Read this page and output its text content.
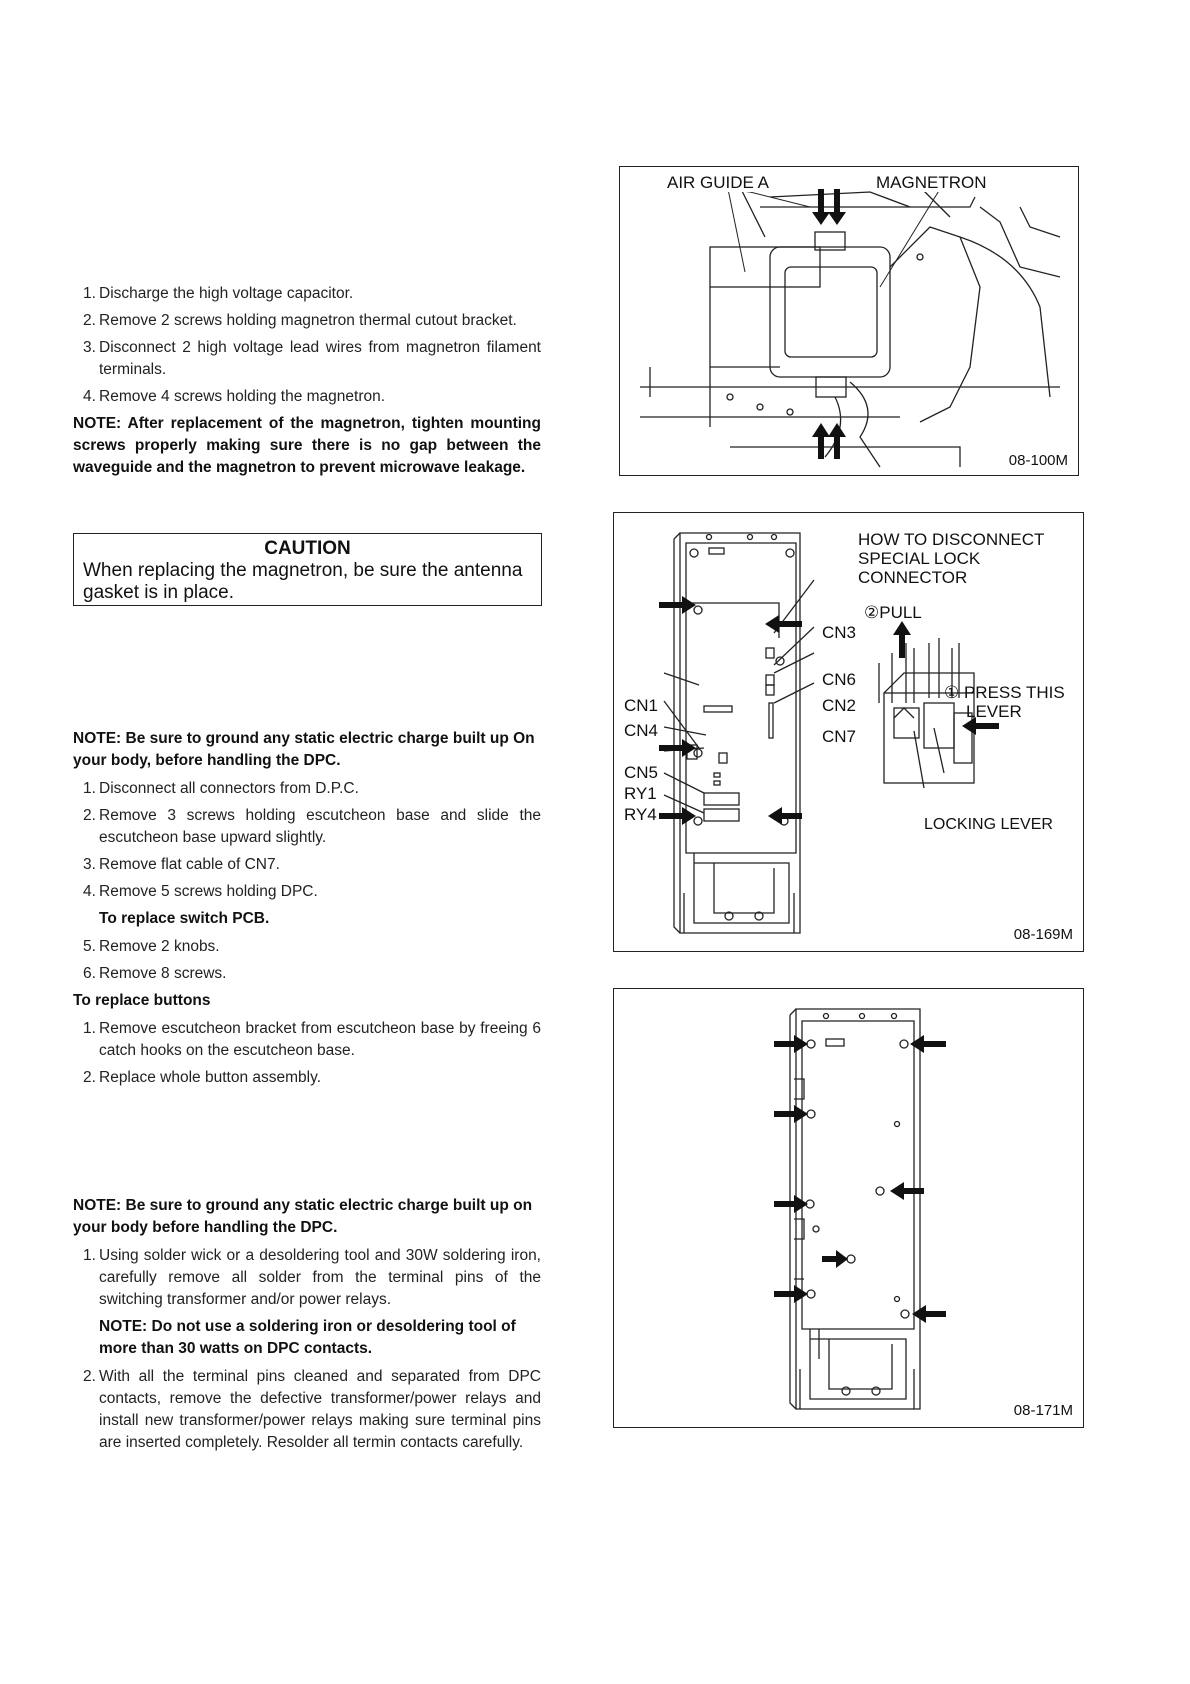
1. Discharge the high voltage capacitor.
2. Remove 2 screws holding magnetron thermal cutout bracket.
3. Disconnect 2 high voltage lead wires from magnetron filament terminals.
4. Remove 4 screws holding the magnetron.
NOTE: After replacement of the magnetron, tighten mounting screws properly making sure there is no gap between the waveguide and the magnetron to prevent microwave leakage.
CAUTION
When replacing the magnetron, be sure the antenna gasket is in place.
NOTE: Be sure to ground any static electric charge built up On your body, before handling the DPC.
1. Disconnect all connectors from D.P.C.
2. Remove 3 screws holding escutcheon base and slide the escutcheon base upward slightly.
3. Remove flat cable of CN7.
4. Remove 5 screws holding DPC.
To replace switch PCB.
5. Remove 2 knobs.
6. Remove 8 screws.
To replace buttons
1. Remove escutcheon bracket from escutcheon base by freeing 6 catch hooks on the escutcheon base.
2. Replace whole button assembly.
NOTE: Be sure to ground any static electric charge built up on your body before handling the DPC.
1. Using solder wick or a desoldering tool and 30W soldering iron, carefully remove all solder from the terminal pins of the switching transformer and/or power relays.
NOTE: Do not use a soldering iron or desoldering tool of more than 30 watts on DPC contacts.
2. With all the terminal pins cleaned and separated from DPC contacts, remove the defective transformer/power relays and install new transformer/power relays making sure terminal pins are inserted completely. Resolder all termin contacts carefully.
AIR GUIDE A	MAGNETRON
08-100M
HOW TO DISCONNECT
SPECIAL LOCK
CONNECTOR
②PULL
① PRESS THIS
LEVER
LOCKING LEVER
CN3
CN6
CN2
CN7
CN1
CN4
CN5
RY1
RY4
08-169M
08-171M
